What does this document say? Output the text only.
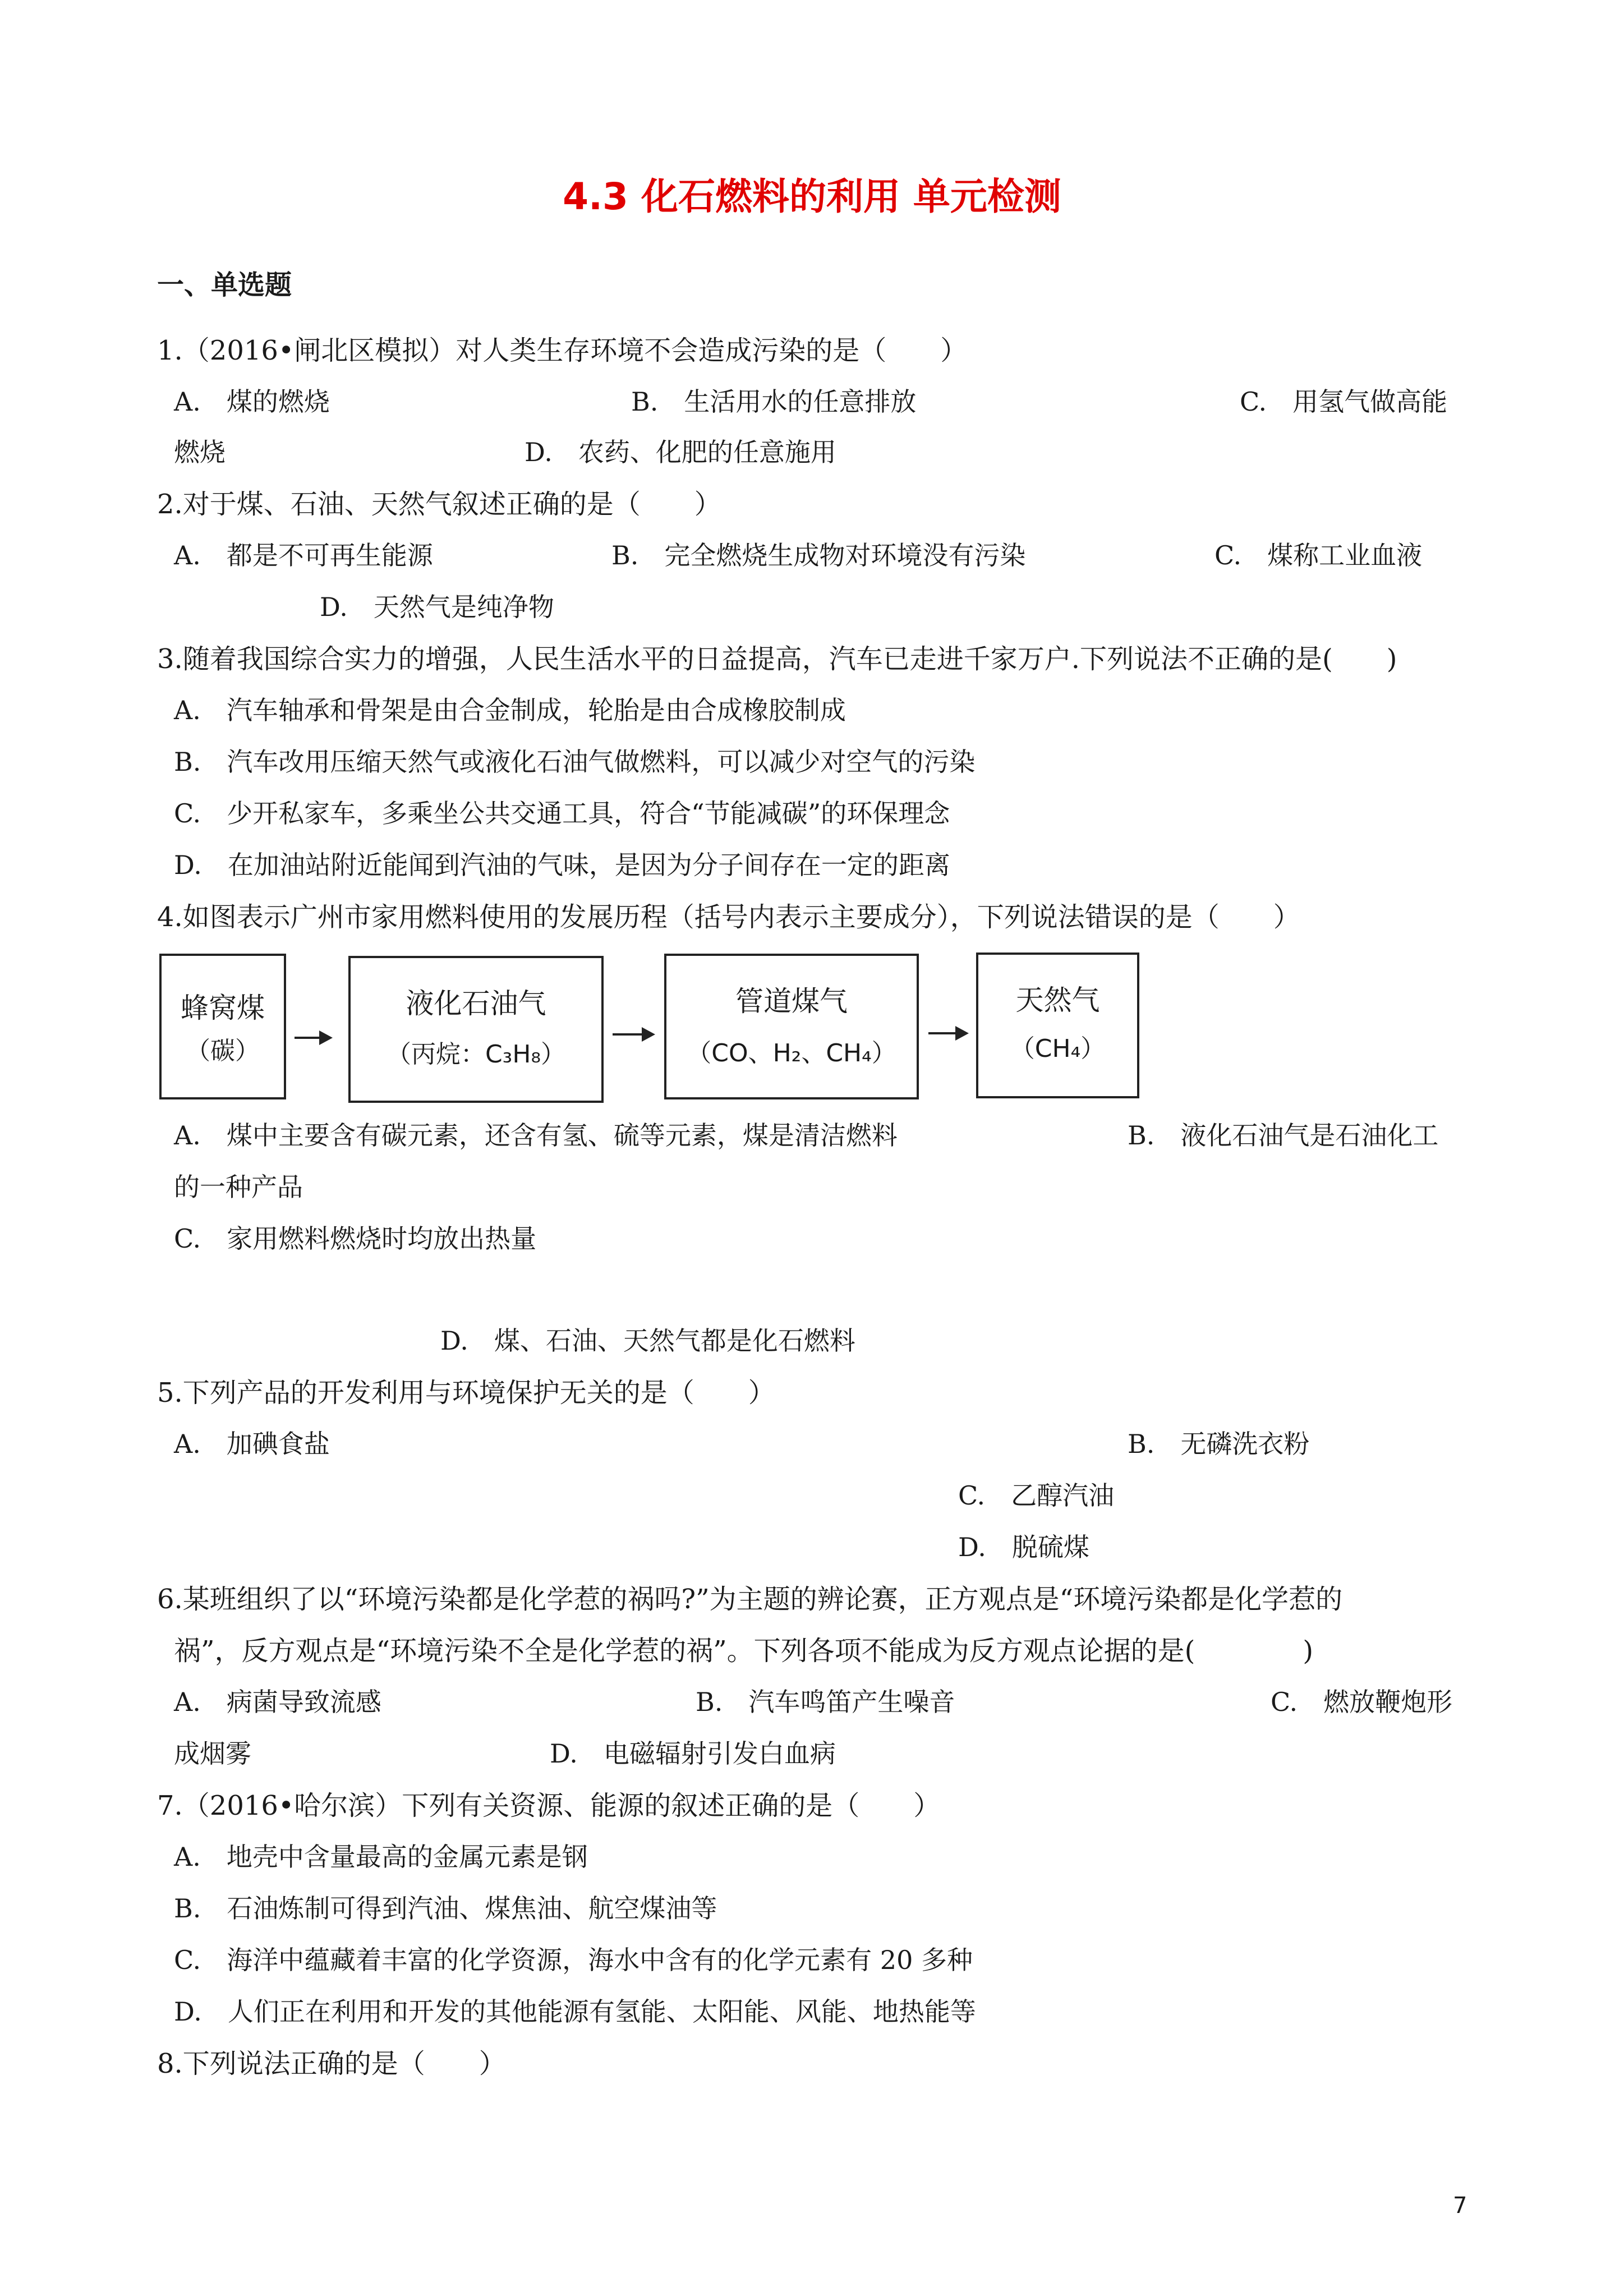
4.3 化石燃料的利用 单元检测
一、单选题
1.（2016•闸北区模拟）对人类生存环境不会造成污染的是（　　）
A.　煤的燃烧	B.　生活用水的任意排放	C.　用氢气做高能
燃烧	D.　农药、化肥的任意施用
2.对于煤、石油、天然气叙述正确的是（　　）
A.　都是不可再生能源	B.　完全燃烧生成物对环境没有污染	C.　煤称工业血液
D.　天然气是纯净物
3.随着我国综合实力的增强，人民生活水平的日益提高，汽车已走进千家万户.下列说法不正确的是(　　)
A.　汽车轴承和骨架是由合金制成，轮胎是由合成橡胶制成
B.　汽车改用压缩天然气或液化石油气做燃料，可以减少对空气的污染
C.　少开私家车，多乘坐公共交通工具，符合“节能减碳”的环保理念
D.　在加油站附近能闻到汽油的气味，是因为分子间存在一定的距离
4.如图表示广州市家用燃料使用的发展历程（括号内表示主要成分），下列说法错误的是（　　）
蜂窝煤
（碳）
液化石油气
（丙烷：C₃H₈）
管道煤气
（CO、H₂、CH₄）
天然气
（CH₄）
A.　煤中主要含有碳元素，还含有氢、硫等元素，煤是清洁燃料	B.　液化石油气是石油化工
的一种产品
C.　家用燃料燃烧时均放出热量
D.　煤、石油、天然气都是化石燃料
5.下列产品的开发利用与环境保护无关的是（　　）
A.　加碘食盐	B.　无磷洗衣粉
C.　乙醇汽油
D.　脱硫煤
6.某班组织了以“环境污染都是化学惹的祸吗?”为主题的辨论赛，正方观点是“环境污染都是化学惹的
祸”，反方观点是“环境污染不全是化学惹的祸”。下列各项不能成为反方观点论据的是(　　　　)
A.　病菌导致流感	B.　汽车鸣笛产生噪音	C.　燃放鞭炮形
成烟雾	D.　电磁辐射引发白血病
7.（2016•哈尔滨）下列有关资源、能源的叙述正确的是（　　）
A.　地壳中含量最高的金属元素是钢
B.　石油炼制可得到汽油、煤焦油、航空煤油等
C.　海洋中蕴藏着丰富的化学资源，海水中含有的化学元素有 20 多种
D.　人们正在利用和开发的其他能源有氢能、太阳能、风能、地热能等
8.下列说法正确的是（　　）
7
